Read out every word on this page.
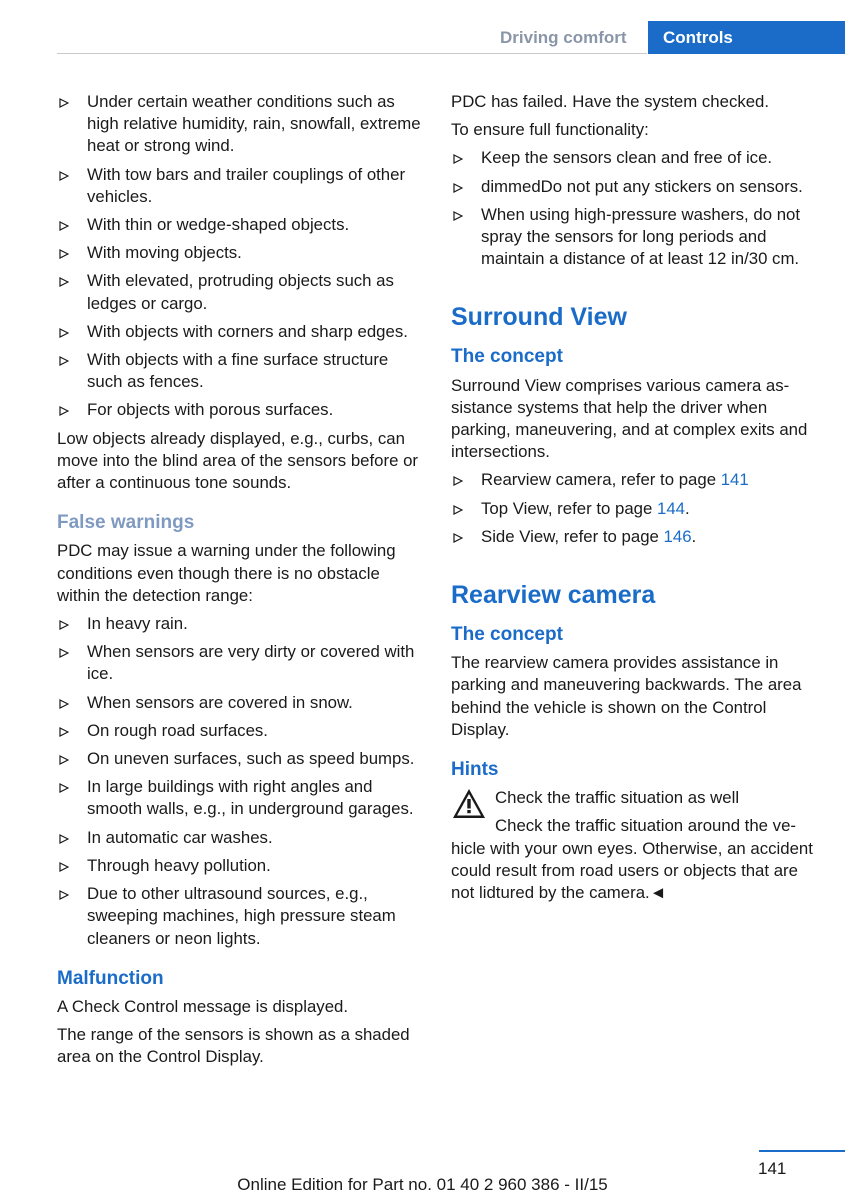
Driving comfort	Controls
Under certain weather conditions such as high relative humidity, rain, snowfall, extreme heat or strong wind.
With tow bars and trailer couplings of other vehicles.
With thin or wedge-shaped objects.
With moving objects.
With elevated, protruding objects such as ledges or cargo.
With objects with corners and sharp edges.
With objects with a fine surface structure such as fences.
For objects with porous surfaces.

Low objects already displayed, e.g., curbs, can move into the blind area of the sensors before or after a continuous tone sounds.

False warnings

PDC may issue a warning under the following conditions even though there is no obstacle within the detection range:

In heavy rain.
When sensors are very dirty or covered with ice.
When sensors are covered in snow.
On rough road surfaces.
On uneven surfaces, such as speed bumps.
In large buildings with right angles and smooth walls, e.g., in underground garages.
In automatic car washes.
Through heavy pollution.
Due to other ultrasound sources, e.g., sweeping machines, high pressure steam cleaners or neon lights.
Malfunction

A Check Control message is displayed.

The range of the sensors is shown as a shaded area on the Control Display.

PDC has failed. Have the system checked.

To ensure full functionality:

Keep the sensors clean and free of ice.
dimmedDo not put any stickers on sensors.
When using high-pressure washers, do not spray the sensors for long periods and maintain a distance of at least 12 in/30 cm.
Surround View
The concept

Surround View comprises various camera assistance systems that help the driver when parking, maneuvering, and at complex exits and intersections.

Rearview camera, refer to page 141
Top View, refer to page 144.
Side View, refer to page 146.
Rearview camera
The concept

The rearview camera provides assistance in parking and maneuvering backwards. The area behind the vehicle is shown on the Control Display.

Hints

Check the traffic situation as well

Check the traffic situation around the vehicle with your own eyes. Otherwise, an accident could result from road users or objects that are not lidtured by the camera.◄

141
Online Edition for Part no. 01 40 2 960 386 - II/15
